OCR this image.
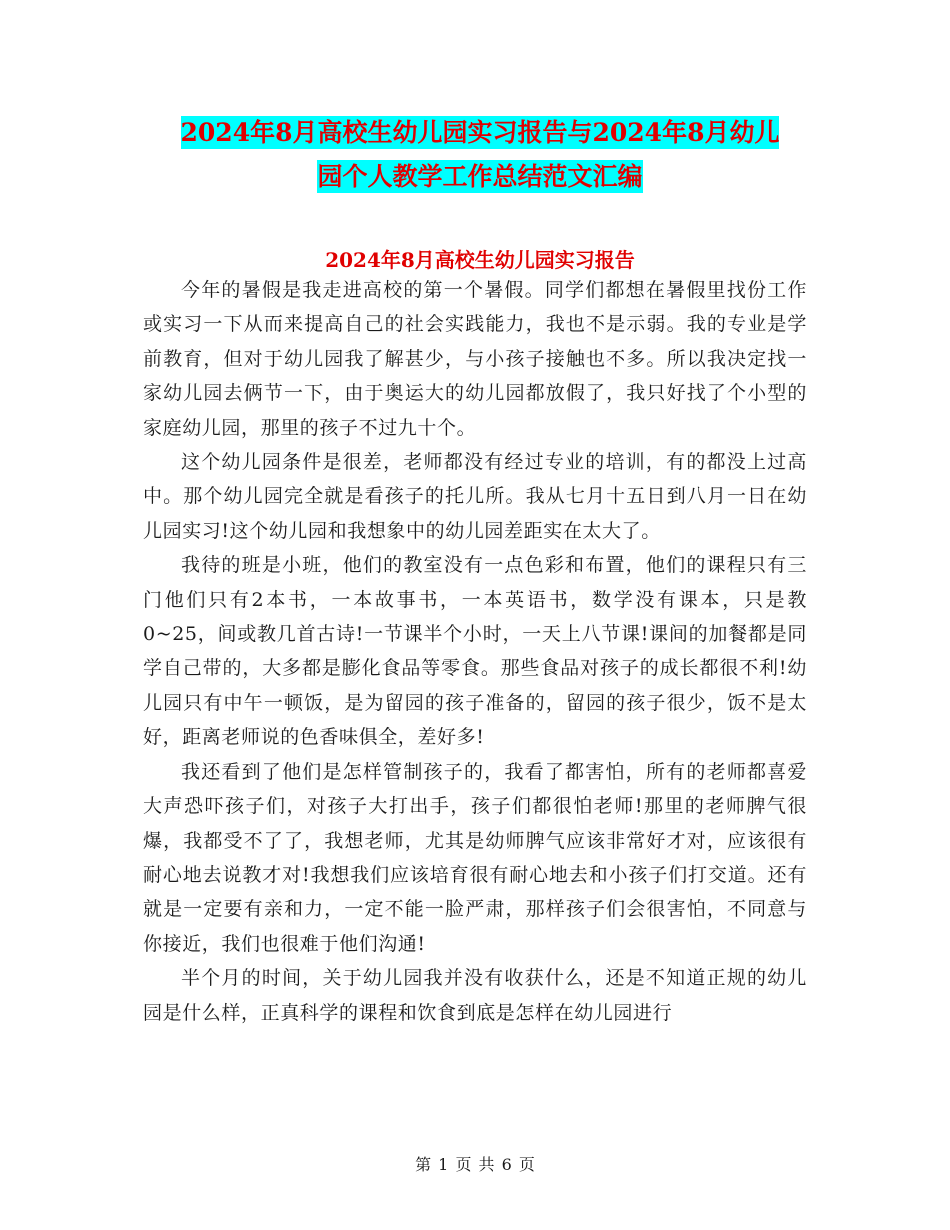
2024年8月高校生幼儿园实习报告与2024年8月幼儿
园个人教学工作总结范文汇编
2024年8月高校生幼儿园实习报告

今年的暑假是我走进高校的第一个暑假。同学们都想在暑假里找份工作或实习一下从而来提高自己的社会实践能力，我也不是示弱。我的专业是学前教育，但对于幼儿园我了解甚少，与小孩子接触也不多。所以我决定找一家幼儿园去俩节一下，由于奥运大的幼儿园都放假了，我只好找了个小型的家庭幼儿园，那里的孩子不过九十个。

这个幼儿园条件是很差，老师都没有经过专业的培训，有的都没上过高中。那个幼儿园完全就是看孩子的托儿所。我从七月十五日到八月一日在幼儿园实习!这个幼儿园和我想象中的幼儿园差距实在太大了。

我待的班是小班，他们的教室没有一点色彩和布置，他们的课程只有三门他们只有2本书，一本故事书，一本英语书，数学没有课本，只是教0~25，间或教几首古诗!一节课半个小时，一天上八节课!课间的加餐都是同学自己带的，大多都是膨化食品等零食。那些食品对孩子的成长都很不利!幼儿园只有中午一顿饭，是为留园的孩子准备的，留园的孩子很少，饭不是太好，距离老师说的色香味俱全，差好多!

我还看到了他们是怎样管制孩子的，我看了都害怕，所有的老师都喜爱大声恐吓孩子们，对孩子大打出手，孩子们都很怕老师!那里的老师脾气很爆，我都受不了了，我想老师，尤其是幼师脾气应该非常好才对，应该很有耐心地去说教才对!我想我们应该培育很有耐心地去和小孩子们打交道。还有就是一定要有亲和力，一定不能一脸严肃，那样孩子们会很害怕，不同意与你接近，我们也很难于他们沟通!

半个月的时间，关于幼儿园我并没有收获什么，还是不知道正规的幼儿园是什么样，正真科学的课程和饮食到底是怎样在幼儿园进行

第 1 页 共 6 页
